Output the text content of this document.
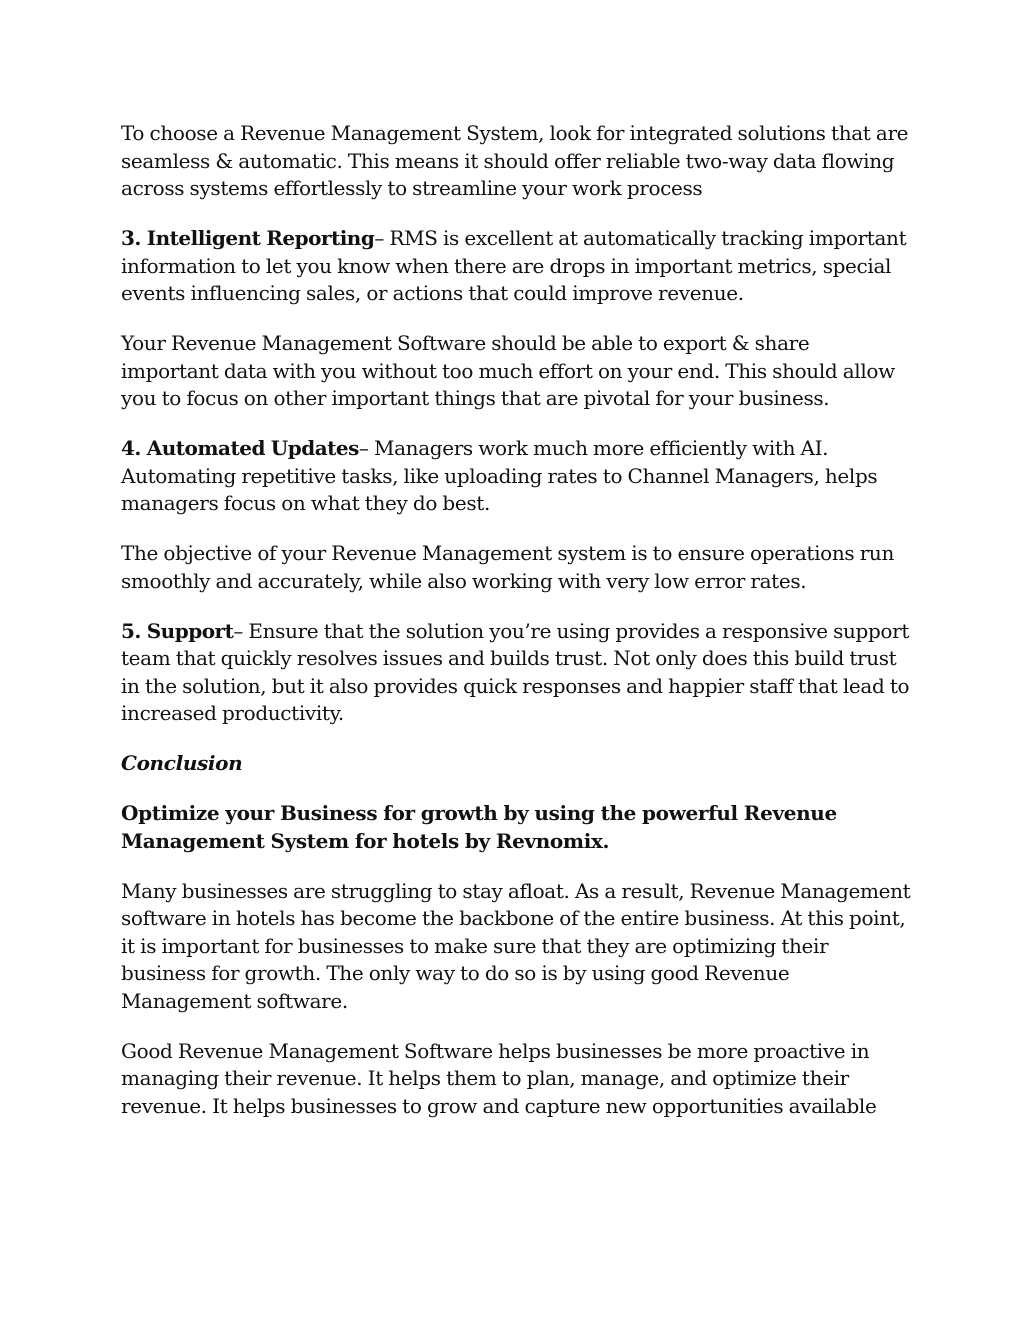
To choose a Revenue Management System, look for integrated solutions that are seamless & automatic. This means it should offer reliable two-way data flowing across systems effortlessly to streamline your work process

3. Intelligent Reporting– RMS is excellent at automatically tracking important information to let you know when there are drops in important metrics, special events influencing sales, or actions that could improve revenue.

Your Revenue Management Software should be able to export & share important data with you without too much effort on your end. This should allow you to focus on other important things that are pivotal for your business.

4. Automated Updates– Managers work much more efficiently with AI. Automating repetitive tasks, like uploading rates to Channel Managers, helps managers focus on what they do best.

The objective of your Revenue Management system is to ensure operations run smoothly and accurately, while also working with very low error rates.

5. Support– Ensure that the solution you’re using provides a responsive support team that quickly resolves issues and builds trust. Not only does this build trust in the solution, but it also provides quick responses and happier staff that lead to increased productivity.

Conclusion

Optimize your Business for growth by using the powerful Revenue Management System for hotels by Revnomix.

Many businesses are struggling to stay afloat. As a result, Revenue Management software in hotels has become the backbone of the entire business. At this point, it is important for businesses to make sure that they are optimizing their business for growth. The only way to do so is by using good Revenue Management software.

Good Revenue Management Software helps businesses be more proactive in managing their revenue. It helps them to plan, manage, and optimize their revenue. It helps businesses to grow and capture new opportunities available
